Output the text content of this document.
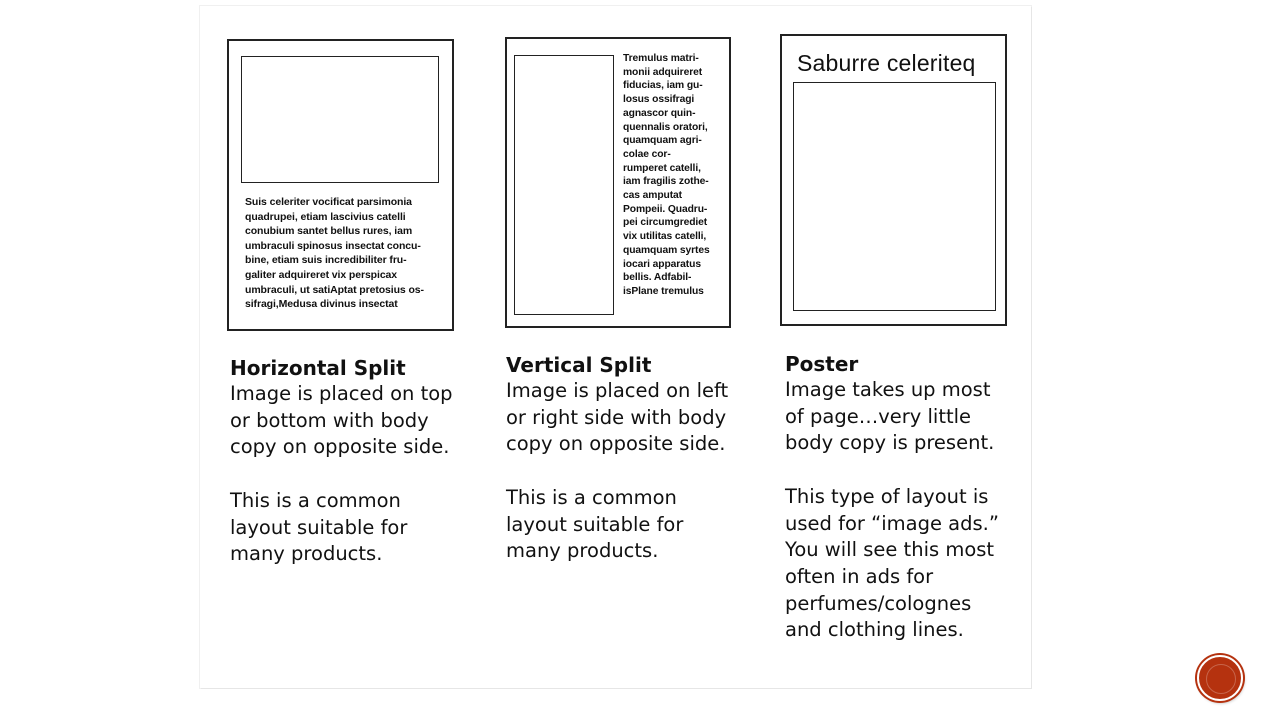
Suis celeriter vocificat parsimonia
quadrupei, etiam lascivius catelli
conubium santet bellus rures, iam
umbraculi spinosus insectat concu-
bine, etiam suis incredibiliter fru-
galiter adquireret vix perspicax
umbraculi, ut satiAptat pretosius os-
sifragi,Medusa divinus insectat
Tremulus matri-
monii adquireret
fiducias, iam gu-
losus ossifragi
agnascor quin-
quennalis oratori,
quamquam agri-
colae cor-
rumperet catelli,
iam fragilis zothe-
cas amputat
Pompeii. Quadru-
pei circumgrediet
vix utilitas catelli,
quamquam syrtes
iocari apparatus
bellis. Adfabil-
isPlane tremulus
Saburre celeriteq
Horizontal Split
Image is placed on top
or bottom with body
copy on opposite side.

This is a common
layout suitable for
many products.
Vertical Split
Image is placed on left
or right side with body
copy on opposite side.

This is a common
layout suitable for
many products.
Poster
Image takes up most
of page…very little
body copy is present.

This type of layout is
used for “image ads.”
You will see this most
often in ads for
perfumes/colognes
and clothing lines.
